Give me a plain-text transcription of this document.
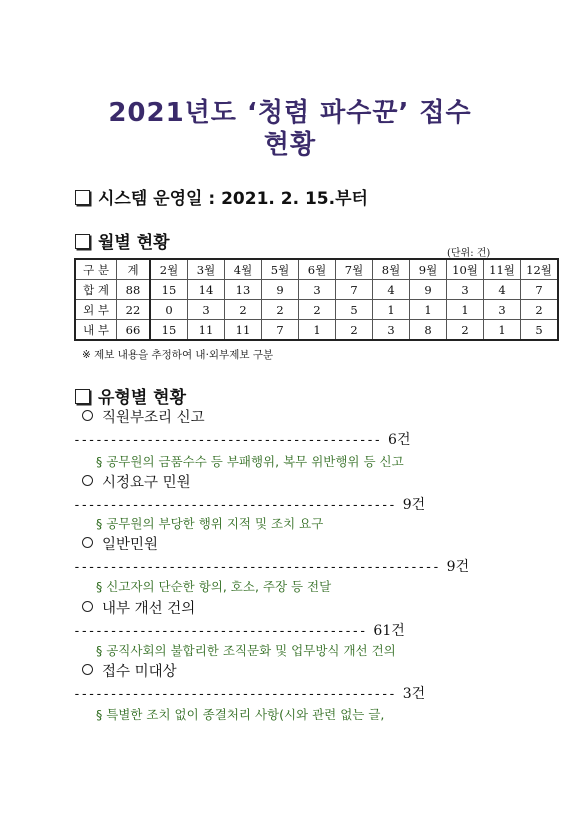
2021년도 ‘청렴 파수꾼’ 접수
현황
시스템 운영일 : 2021. 2. 15.부터
월별 현황
(단위: 건)
구 분	계	2월	3월	4월	5월	6월	7월	8월	9월	10월	11월	12월
합 계	88	15	14	13	9	3	7	4	9	3	4	7
외 부	22	0	3	2	2	2	5	1	1	1	3	2
내 부	66	15	11	11	7	1	2	3	8	2	1	5
※ 제보 내용을 추정하여 내·외부제보 구분
유형별 현황
직원부조리 신고
------------------------------------------ 6건
§ 공무원의 금품수수 등 부패행위, 복무 위반행위 등 신고
시정요구 민원
-------------------------------------------- 9건
§ 공무원의 부당한 행위 지적 및 조치 요구
일반민원
-------------------------------------------------- 9건
§ 신고자의 단순한 항의, 호소, 주장 등 전달
내부 개선 건의
---------------------------------------- 61건
§ 공직사회의 불합리한 조직문화 및 업무방식 개선 건의
접수 미대상
-------------------------------------------- 3건
§ 특별한 조치 없이 종결처리 사항(시와 관련 없는 글,
